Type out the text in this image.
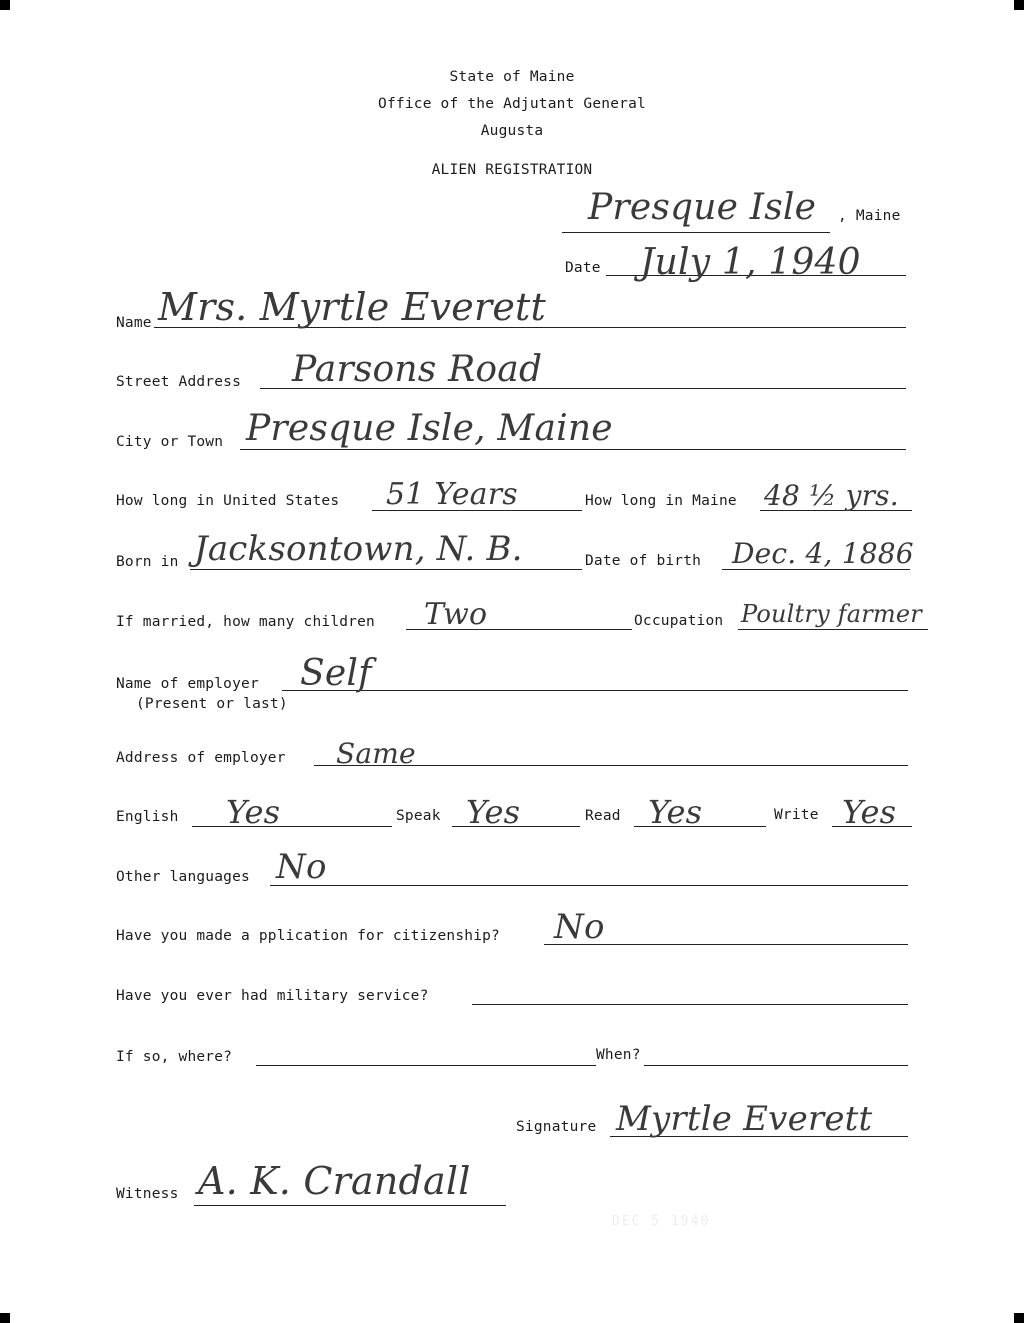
State of Maine
Office of the Adjutant General
Augusta
ALIEN REGISTRATION
Presque Isle , Maine
Date July 1, 1940
Name Mrs. Myrtle Everett
Street Address Parsons Road
City or Town Presque Isle, Maine
How long in United States 51 Years	How long in Maine 48 ½ yrs.
Born in Jacksontown, N. B.	Date of birth Dec. 4, 1886
If married, how many children Two	Occupation Poultry farmer
Name of employer
(Present or last)
Self
Address of employer Same
English Yes	Speak Yes	Read Yes	Write Yes
Other languages No
Have you made a pplication for citizenship? No
Have you ever had military service?
If so, where?	When?
Signature Myrtle Everett
Witness A. K. Crandall
DEC 5 1940
